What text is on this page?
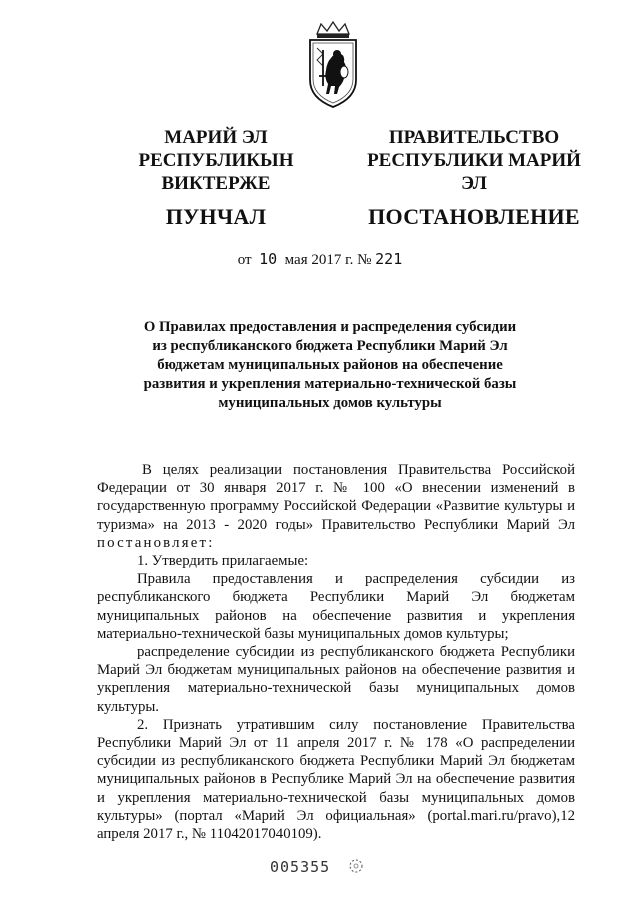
МАРИЙ ЭЛ РЕСПУБЛИКЫН
ВИКТЕРЖЕ
ПУНЧАЛ
ПРАВИТЕЛЬСТВО
РЕСПУБЛИКИ МАРИЙ ЭЛ
ПОСТАНОВЛЕНИЕ
от 10 мая 2017 г. № 221
О Правилах предоставления и распределения субсидии
из республиканского бюджета Республики Марий Эл
бюджетам муниципальных районов на обеспечение
развития и укрепления материально-технической базы
муниципальных домов культуры

В целях реализации постановления Правительства Российской Федерации от 30 января 2017 г. № 100 «О внесении изменений в государственную программу Российской Федерации «Развитие культуры и туризма» на 2013 - 2020 годы» Правительство Республики Марий Эл постановляет:

1. Утвердить прилагаемые:

Правила предоставления и распределения субсидии из республиканского бюджета Республики Марий Эл бюджетам муниципальных районов на обеспечение развития и укрепления материально-технической базы муниципальных домов культуры;

распределение субсидии из республиканского бюджета Республики Марий Эл бюджетам муниципальных районов на обеспечение развития и укрепления материально-технической базы муниципальных домов культуры.

2. Признать утратившим силу постановление Правительства Республики Марий Эл от 11 апреля 2017 г. № 178 «О распределении субсидии из республиканского бюджета Республики Марий Эл бюджетам муниципальных районов в Республике Марий Эл на обеспечение развития и укрепления материально-технической базы муниципальных домов культуры» (портал «Марий Эл официальная» (portal.mari.ru/pravo),12 апреля 2017 г., № 11042017040109).

005355
